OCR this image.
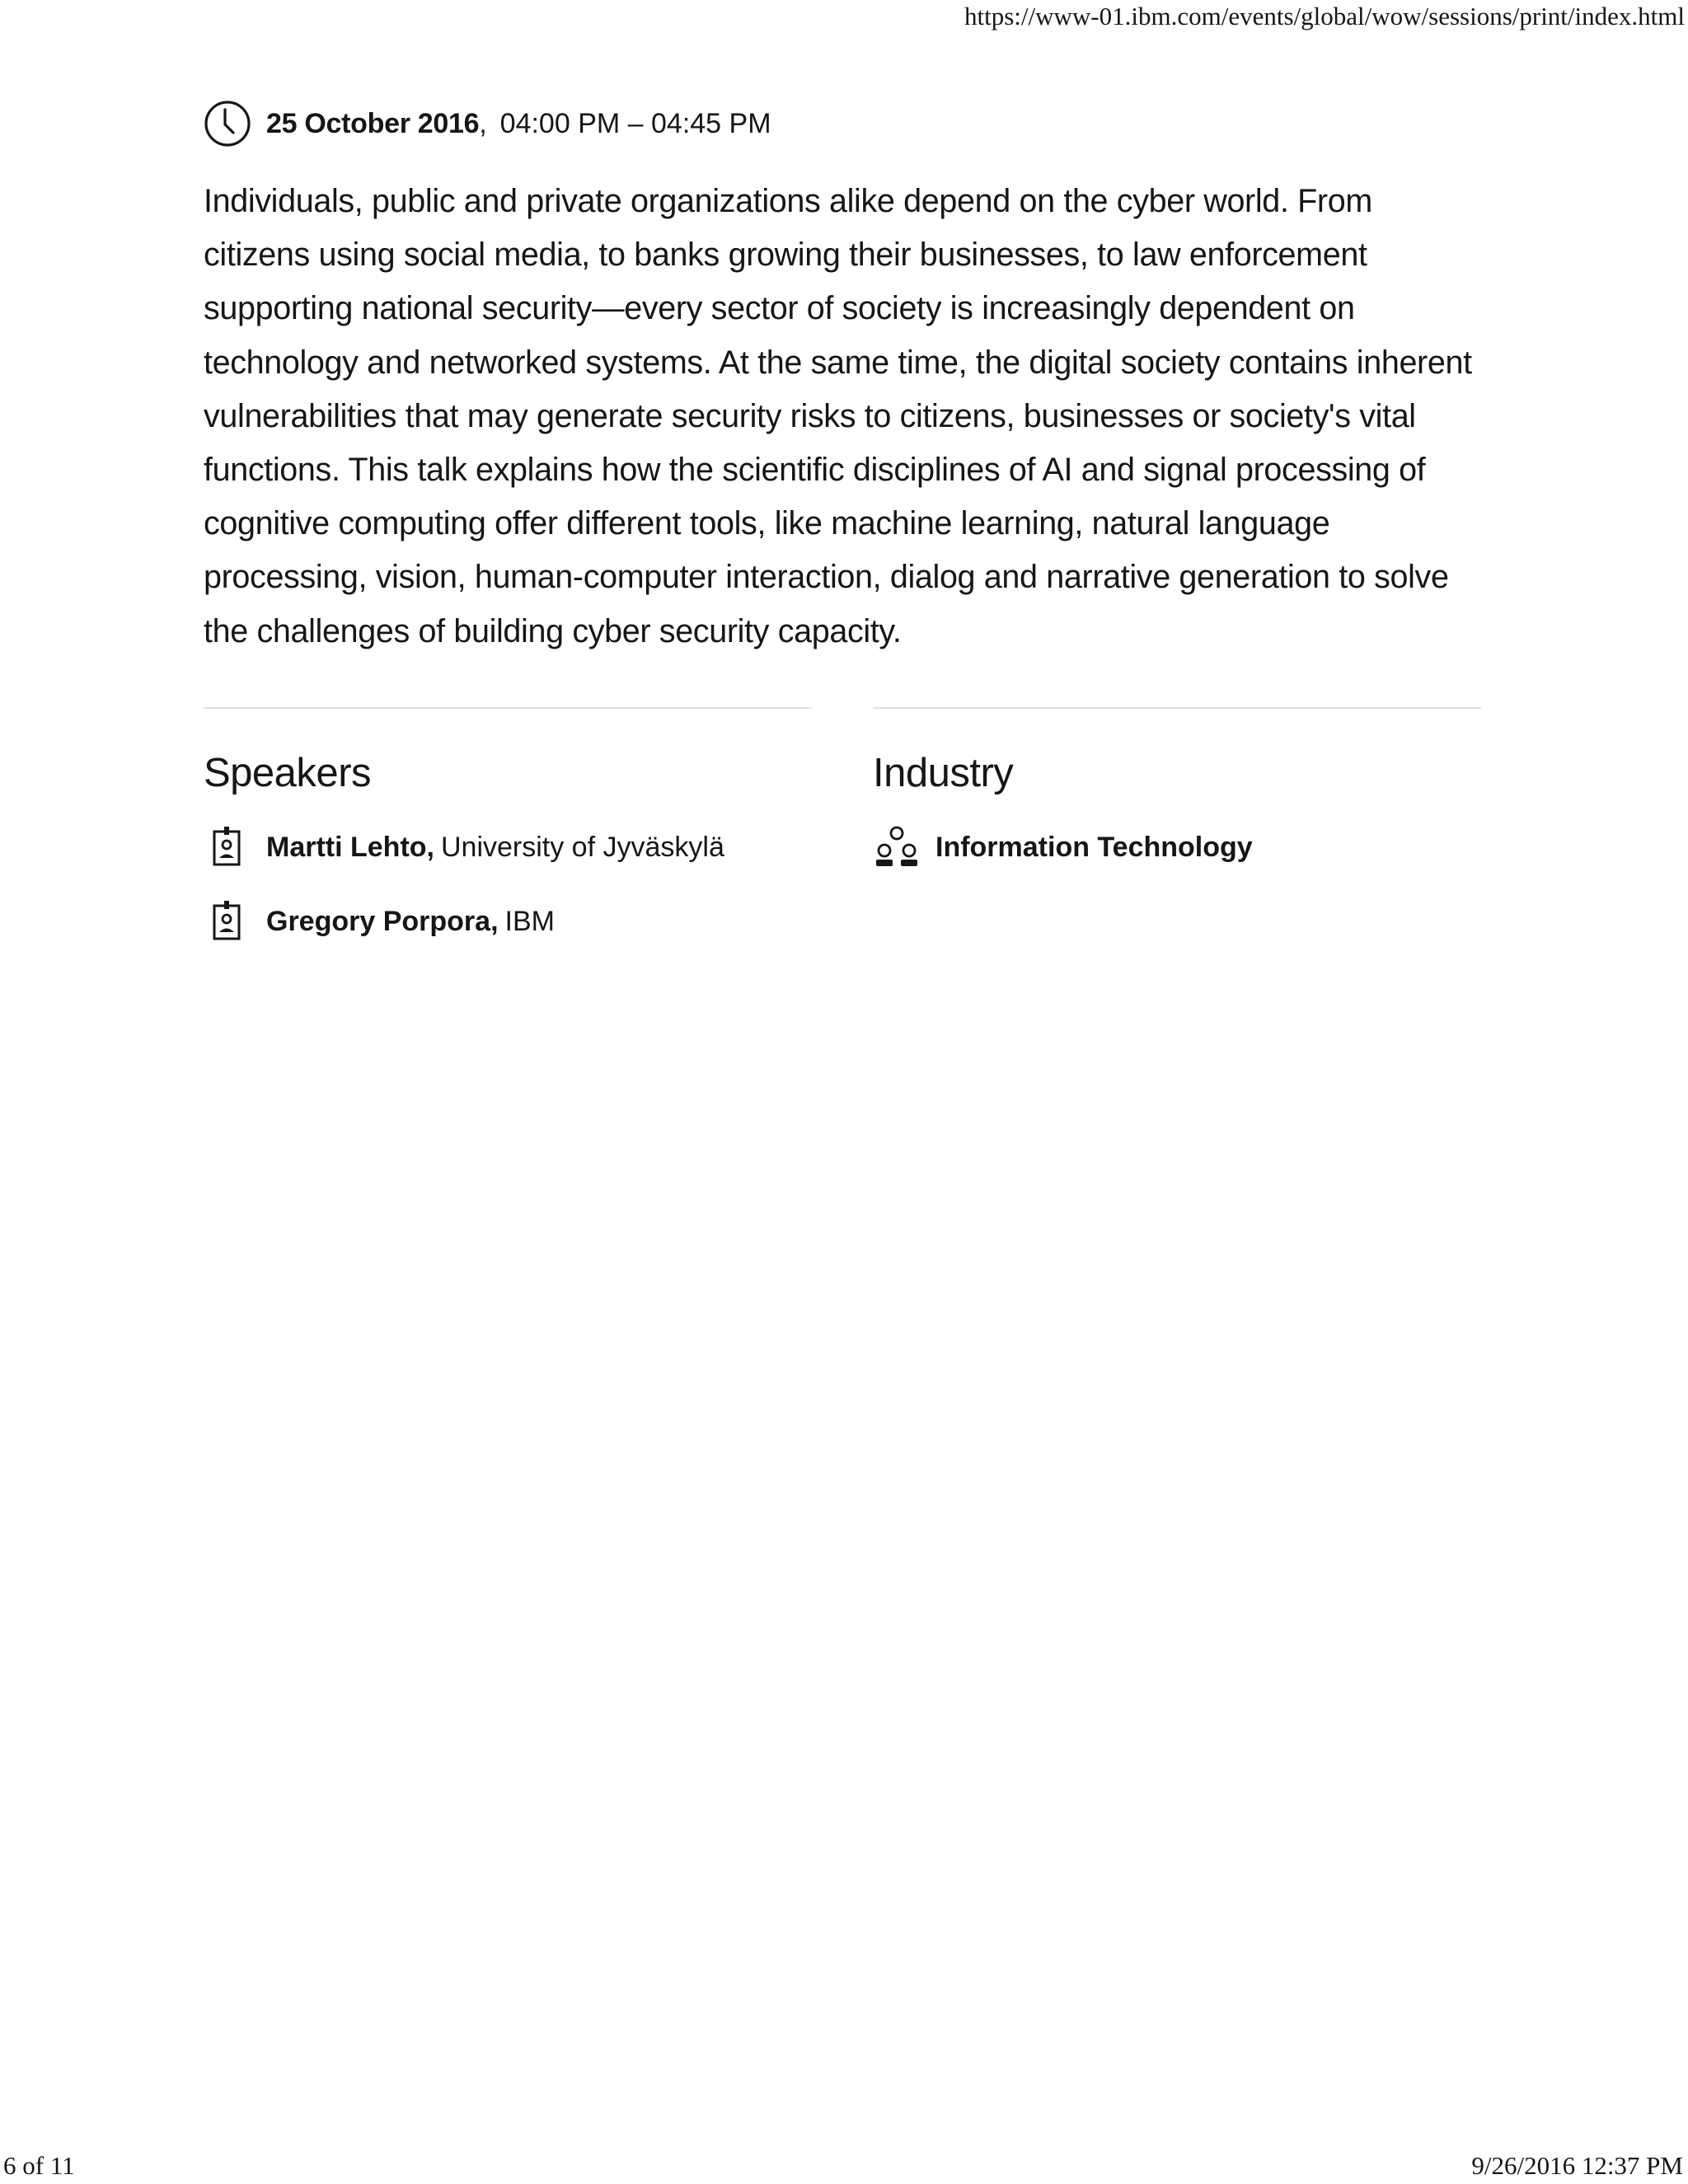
https://www-01.ibm.com/events/global/wow/sessions/print/index.html
25 October 2016 , 04:00 PM – 04:45 PM
Individuals, public and private organizations alike depend on the cyber world. From citizens using social media, to banks growing their businesses, to law enforcement supporting national security—every sector of society is increasingly dependent on technology and networked systems. At the same time, the digital society contains inherent vulnerabilities that may generate security risks to citizens, businesses or society's vital functions. This talk explains how the scientific disciplines of AI and signal processing of cognitive computing offer different tools, like machine learning, natural language processing, vision, human-computer interaction, dialog and narrative generation to solve the challenges of building cyber security capacity.
Speakers
Martti Lehto, University of Jyväskylä
Gregory Porpora, IBM
Industry
Information Technology
6 of 11	9/26/2016 12:37 PM
